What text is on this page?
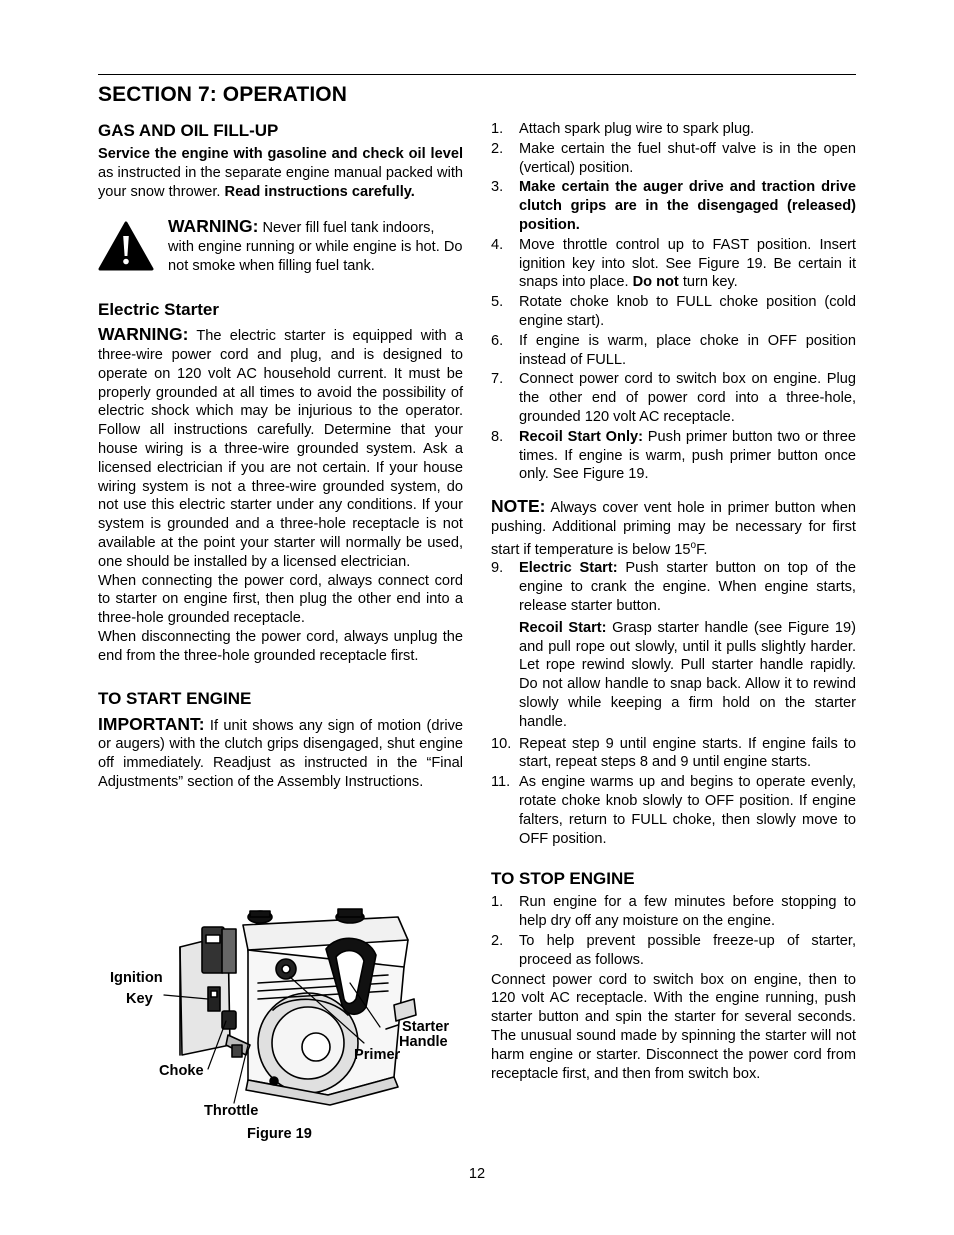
SECTION 7: OPERATION
GAS AND OIL FILL-UP

Service the engine with gasoline and check oil level as instructed in the separate engine manual packed with your snow thrower. Read instructions carefully.

WARNING: Never fill fuel tank indoors, with engine running or while engine is hot. Do not smoke when filling fuel tank.
Electric Starter

WARNING: The electric starter is equipped with a three-wire power cord and plug, and is designed to operate on 120 volt AC household current. It must be properly grounded at all times to avoid the possibility of electric shock which may be injurious to the operator. Follow all instructions carefully. Determine that your house wiring is a three-wire grounded system. Ask a licensed electrician if you are not certain. If your house wiring system is not a three-wire grounded system, do not use this electric starter under any conditions. If your system is grounded and a three-hole receptacle is not available at the point your starter will normally be used, one should be installed by a licensed electrician.

When connecting the power cord, always connect cord to starter on engine first, then plug the other end into a three-hole grounded receptacle.

When disconnecting the power cord, always unplug the end from the three-hole grounded receptacle first.

TO START ENGINE

IMPORTANT: If unit shows any sign of motion (drive or augers) with the clutch grips disengaged, shut engine off immediately. Readjust as instructed in the “Final Adjustments” section of the Assembly Instructions.

Ignition
Key
Choke
Throttle
Primer
Starter
Handle
Figure 19
1. Attach spark plug wire to spark plug.
2. Make certain the fuel shut-off valve is in the open (vertical) position.
3. Make certain the auger drive and traction drive clutch grips are in the disengaged (released) position.
4. Move throttle control up to FAST position. Insert ignition key into slot. See Figure 19. Be certain it snaps into place. Do not turn key.
5. Rotate choke knob to FULL choke position (cold engine start).
6. If engine is warm, place choke in OFF position instead of FULL.
7. Connect power cord to switch box on engine. Plug the other end of power cord into a three-hole, grounded 120 volt AC receptacle.
8. Recoil Start Only: Push primer button two or three times. If engine is warm, push primer button once only. See Figure 19.

NOTE: Always cover vent hole in primer button when pushing. Additional priming may be necessary for first start if temperature is below 15$^o$F.

9. Electric Start: Push starter button on top of the engine to crank the engine. When engine starts, release starter button.
Recoil Start: Grasp starter handle (see Figure 19) and pull rope out slowly, until it pulls slightly harder. Let rope rewind slowly. Pull starter handle rapidly. Do not allow handle to snap back. Allow it to rewind slowly while keeping a firm hold on the starter handle.
10. Repeat step 9 until engine starts. If engine fails to start, repeat steps 8 and 9 until engine starts.
11. As engine warms up and begins to operate evenly, rotate choke knob slowly to OFF position. If engine falters, return to FULL choke, then slowly move to OFF position.
TO STOP ENGINE
1. Run engine for a few minutes before stopping to help dry off any moisture on the engine.
2. To help prevent possible freeze-up of starter, proceed as follows.

Connect power cord to switch box on engine, then to 120 volt AC receptacle. With the engine running, push starter button and spin the starter for several seconds. The unusual sound made by spinning the starter will not harm engine or starter. Disconnect the power cord from receptacle first, and then from switch box.

12
